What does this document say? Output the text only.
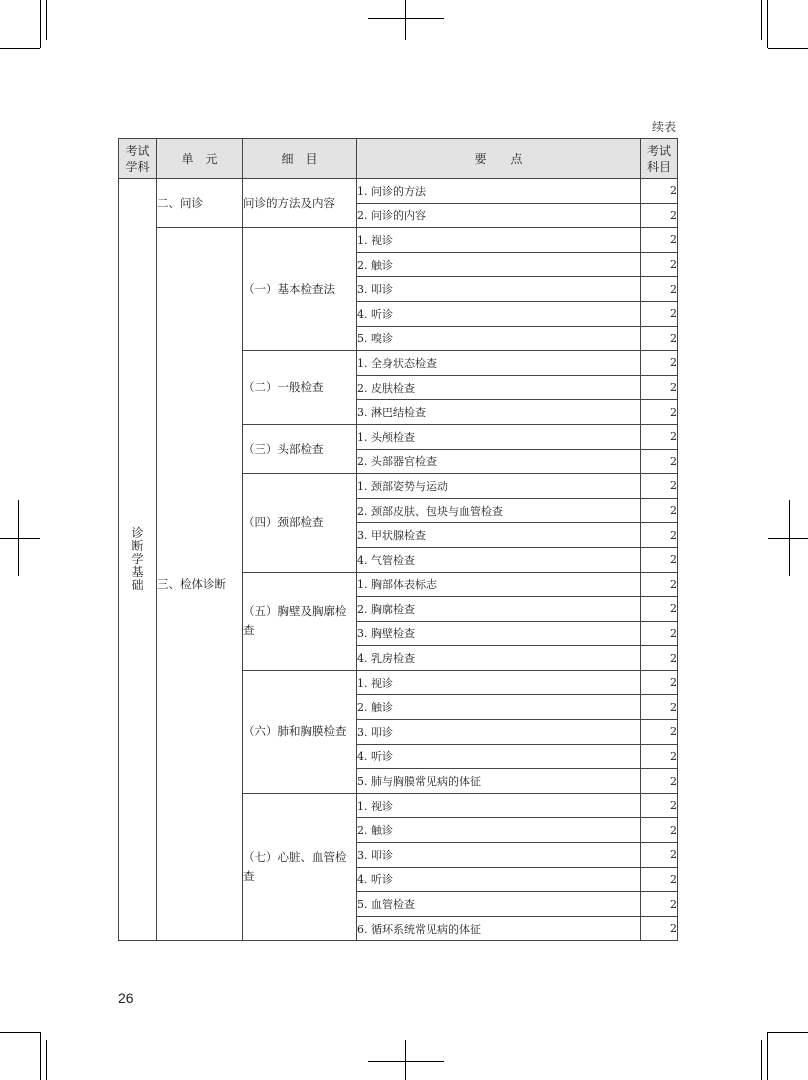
续表
考试学科	单　元	细　目	要　　点	考试科目
诊断学基础	二、问诊	问诊的方法及内容	1. 问诊的方法	2
			2. 问诊的内容	2
	三、检体诊断	（一）基本检查法	1. 视诊	2
			2. 触诊	2
			3. 叩诊	2
			4. 听诊	2
			5. 嗅诊	2
		（二）一般检查	1. 全身状态检查	2
			2. 皮肤检查	2
			3. 淋巴结检查	2
		（三）头部检查	1. 头颅检查	2
			2. 头部器官检查	2
		（四）颈部检查	1. 颈部姿势与运动	2
			2. 颈部皮肤、包块与血管检查	2
			3. 甲状腺检查	2
			4. 气管检查	2
		（五）胸壁及胸廓检查	1. 胸部体表标志	2
			2. 胸廓检查	2
			3. 胸壁检查	2
			4. 乳房检查	2
		（六）肺和胸膜检查	1. 视诊	2
			2. 触诊	2
			3. 叩诊	2
			4. 听诊	2
			5. 肺与胸膜常见病的体征	2
		（七）心脏、血管检查	1. 视诊	2
			2. 触诊	2
			3. 叩诊	2
			4. 听诊	2
			5. 血管检查	2
			6. 循环系统常见病的体征	2
26
